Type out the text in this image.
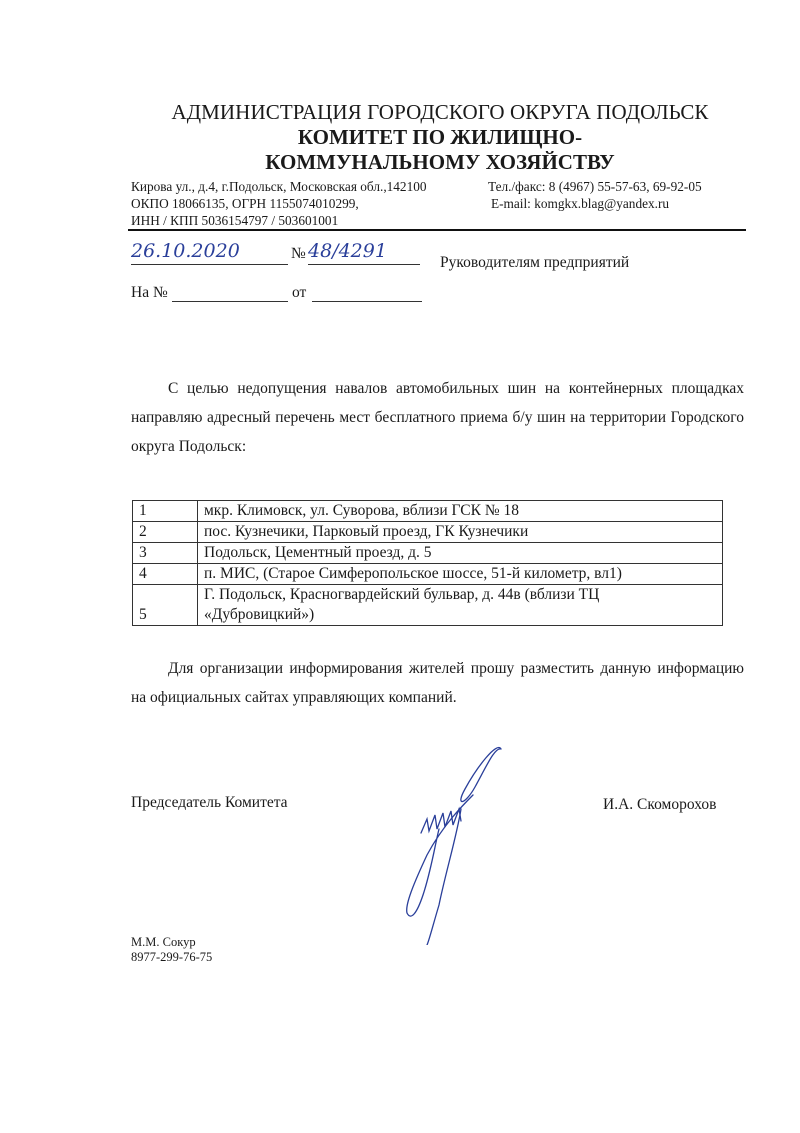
АДМИНИСТРАЦИЯ ГОРОДСКОГО ОКРУГА ПОДОЛЬСК
КОМИТЕТ ПО ЖИЛИЩНО-
КОММУНАЛЬНОМУ ХОЗЯЙСТВУ
Кирова ул., д.4, г.Подольск, Московская обл.,142100
ОКПО 18066135, ОГРН 1155074010299,
ИНН / КПП 5036154797 / 503601001
Тел./факс: 8 (4967) 55-57-63, 69-92-05
E-mail: komgkx.blag@yandex.ru
26.10.2020	№ 48/4291
Руководителям предприятий
На №	от
С целью недопущения навалов автомобильных шин на контейнерных площадках направляю адресный перечень мест бесплатного приема б/у шин на территории Городского округа Подольск:
1	мкр. Климовск, ул. Суворова, вблизи ГСК № 18
2	пос. Кузнечики, Парковый проезд, ГК Кузнечики
3	Подольск, Цементный проезд, д. 5
4	п. МИС, (Старое Симферопольское шоссе, 51-й километр, вл1)
5	Г. Подольск, Красногвардейский бульвар, д. 44в (вблизи ТЦ «Дубровицкий»)
Для организации информирования жителей прошу разместить данную информацию на официальных сайтах управляющих компаний.
Председатель Комитета	И.А. Скоморохов
М.М. Сокур
8977-299-76-75
